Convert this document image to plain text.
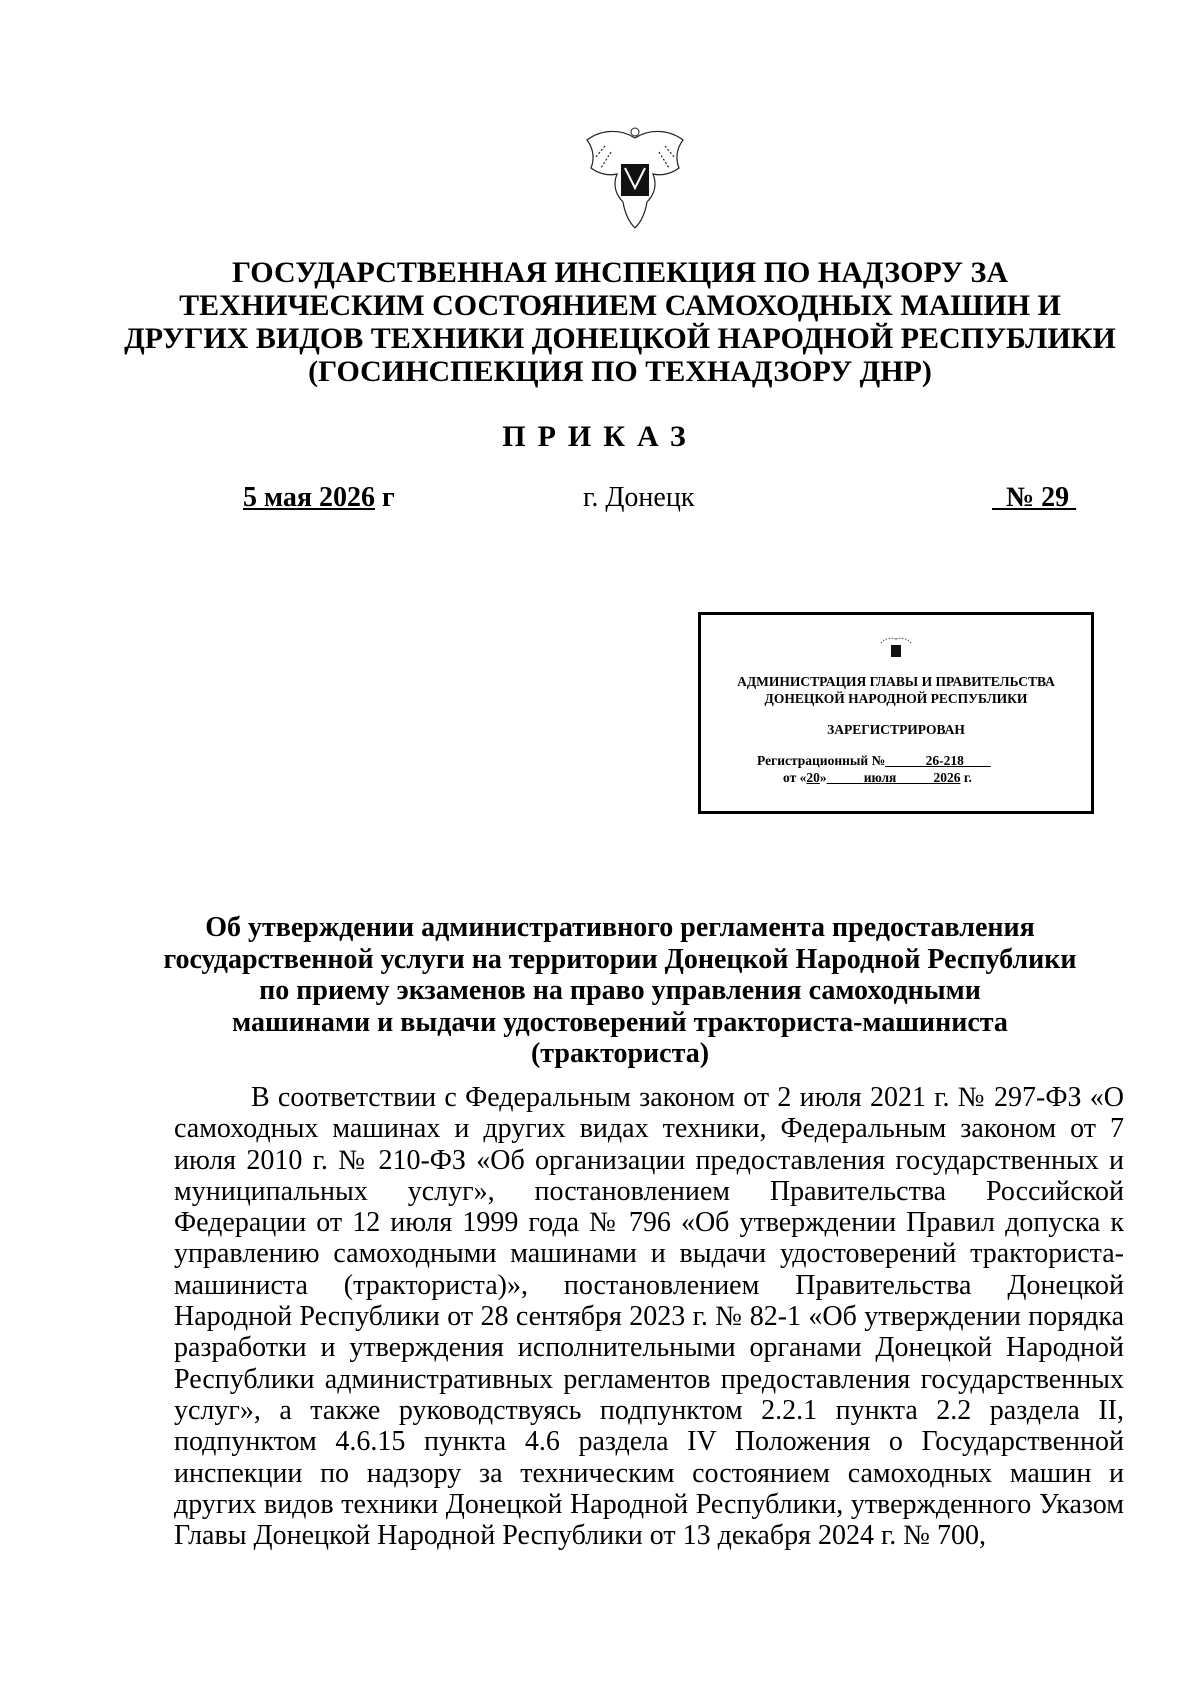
ГОСУДАРСТВЕННАЯ ИНСПЕКЦИЯ ПО НАДЗОРУ ЗА
ТЕХНИЧЕСКИМ СОСТОЯНИЕМ САМОХОДНЫХ МАШИН И
ДРУГИХ ВИДОВ ТЕХНИКИ ДОНЕЦКОЙ НАРОДНОЙ РЕСПУБЛИКИ
(ГОСИНСПЕКЦИЯ ПО ТЕХНАДЗОРУ ДНР)
ПРИКАЗ
5 мая 2026 г	г. Донецк	№ 29
АДМИНИСТРАЦИЯ ГЛАВЫ И ПРАВИТЕЛЬСТВА
ДОНЕЦКОЙ НАРОДНОЙ РЕСПУБЛИКИ
ЗАРЕГИСТРИРОВАН
Регистрационный №	26-218
от «20»	июля	2026 г.
Об утверждении административного регламента предоставления
государственной услуги на территории Донецкой Народной Республики
по приему экзаменов на право управления самоходными
машинами и выдачи удостоверений тракториста-машиниста
(тракториста)
В соответствии с Федеральным законом от 2 июля 2021 г. № 297-ФЗ «О самоходных машинах и других видах техники, Федеральным законом от 7 июля 2010 г. № 210-ФЗ «Об организации предоставления государственных и муниципальных услуг», постановлением Правительства Российской Федерации от 12 июля 1999 года № 796 «Об утверждении Правил допуска к управлению самоходными машинами и выдачи удостоверений тракториста-машиниста (тракториста)», постановлением Правительства Донецкой Народной Республики от 28 сентября 2023 г. № 82-1 «Об утверждении порядка разработки и утверждения исполнительными органами Донецкой Народной Республики административных регламентов предоставления государственных услуг», а также руководствуясь подпунктом 2.2.1 пункта 2.2 раздела II, подпунктом 4.6.15 пункта 4.6 раздела IV Положения о Государственной инспекции по надзору за техническим состоянием самоходных машин и других видов техники Донецкой Народной Республики, утвержденного Указом Главы Донецкой Народной Республики от 13 декабря 2024 г. № 700,
